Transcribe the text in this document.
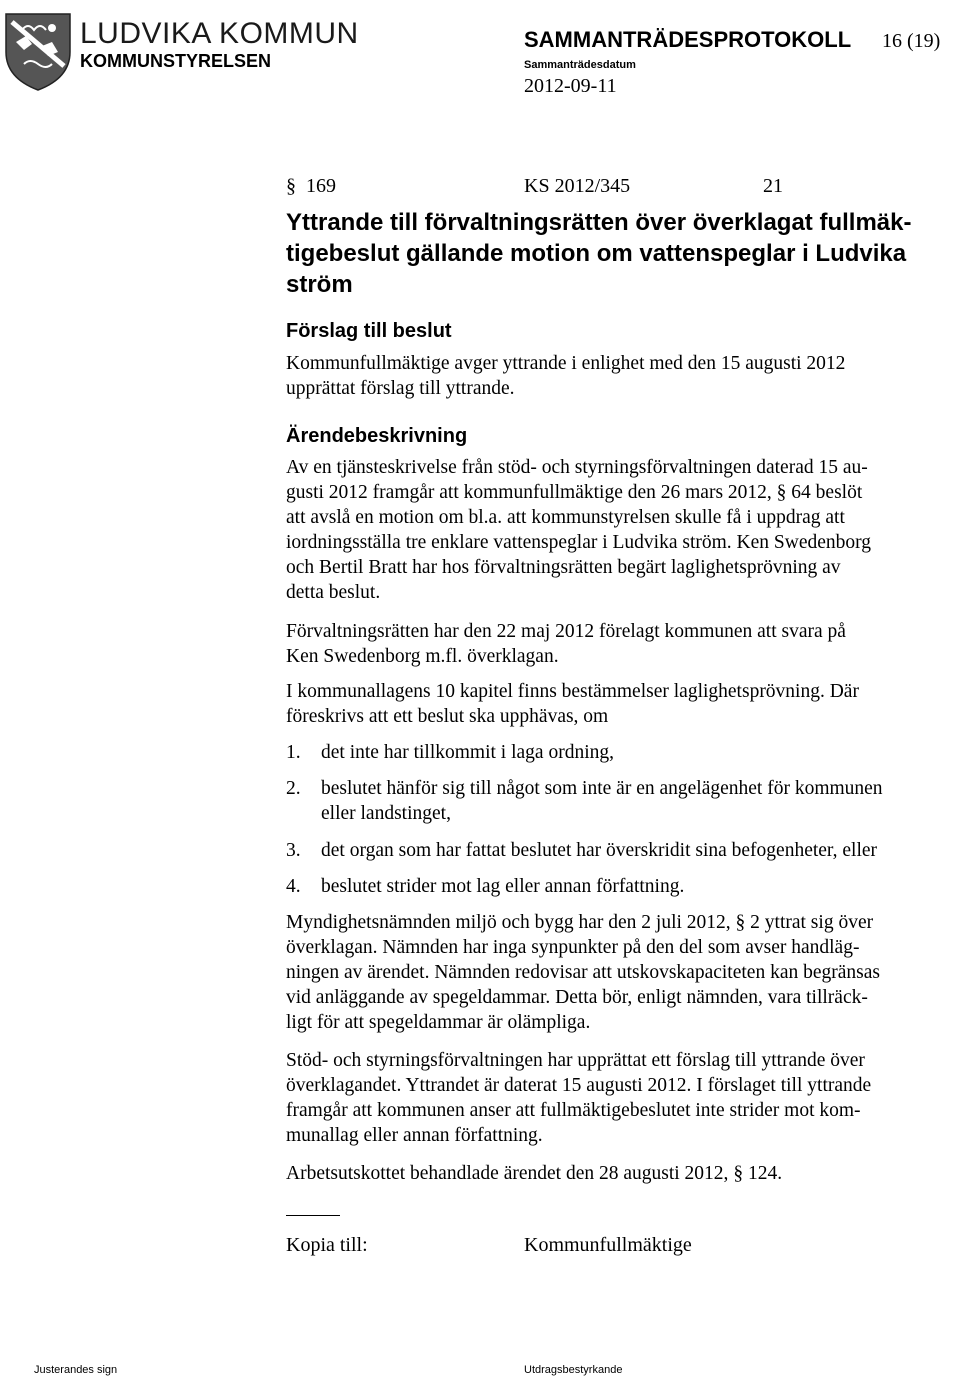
LUDVIKA KOMMUN
KOMMUNSTYRELSEN
SAMMANTRÄDESPROTOKOLL 16 (19)
Sammanträdesdatum
2012-09-11
§ 169	KS 2012/345	21
Yttrande till förvaltningsrätten över överklagat fullmäk-
tigebeslut gällande motion om vattenspeglar i Ludvika
ström
Förslag till beslut
Kommunfullmäktige avger yttrande i enlighet med den 15 augusti 2012
upprättat förslag till yttrande.
Ärendebeskrivning
Av en tjänsteskrivelse från stöd- och styrningsförvaltningen daterad 15 au-
gusti 2012 framgår att kommunfullmäktige den 26 mars 2012, § 64 beslöt
att avslå en motion om bl.a. att kommunstyrelsen skulle få i uppdrag att
iordningsställa tre enklare vattenspeglar i Ludvika ström. Ken Swedenborg
och Bertil Bratt har hos förvaltningsrätten begärt laglighetsprövning av
detta beslut.
Förvaltningsrätten har den 22 maj 2012 förelagt kommunen att svara på
Ken Swedenborg m.fl. överklagan.
I kommunallagens 10 kapitel finns bestämmelser laglighetsprövning. Där
föreskrivs att ett beslut ska upphävas, om
1. det inte har tillkommit i laga ordning,
2. beslutet hänför sig till något som inte är en angelägenhet för kommunen
eller landstinget,
3. det organ som har fattat beslutet har överskridit sina befogenheter, eller
4. beslutet strider mot lag eller annan författning.
Myndighetsnämnden miljö och bygg har den 2 juli 2012, § 2 yttrat sig över
överklagan. Nämnden har inga synpunkter på den del som avser handläg-
ningen av ärendet. Nämnden redovisar att utskovskapaciteten kan begränsas
vid anläggande av spegeldammar. Detta bör, enligt nämnden, vara tillräck-
ligt för att spegeldammar är olämpliga.
Stöd- och styrningsförvaltningen har upprättat ett förslag till yttrande över
överklagandet. Yttrandet är daterat 15 augusti 2012. I förslaget till yttrande
framgår att kommunen anser att fullmäktigebeslutet inte strider mot kom-
munallag eller annan författning.
Arbetsutskottet behandlade ärendet den 28 augusti 2012, § 124.
Kopia till:	Kommunfullmäktige
Justerandes sign	Utdragsbestyrkande
